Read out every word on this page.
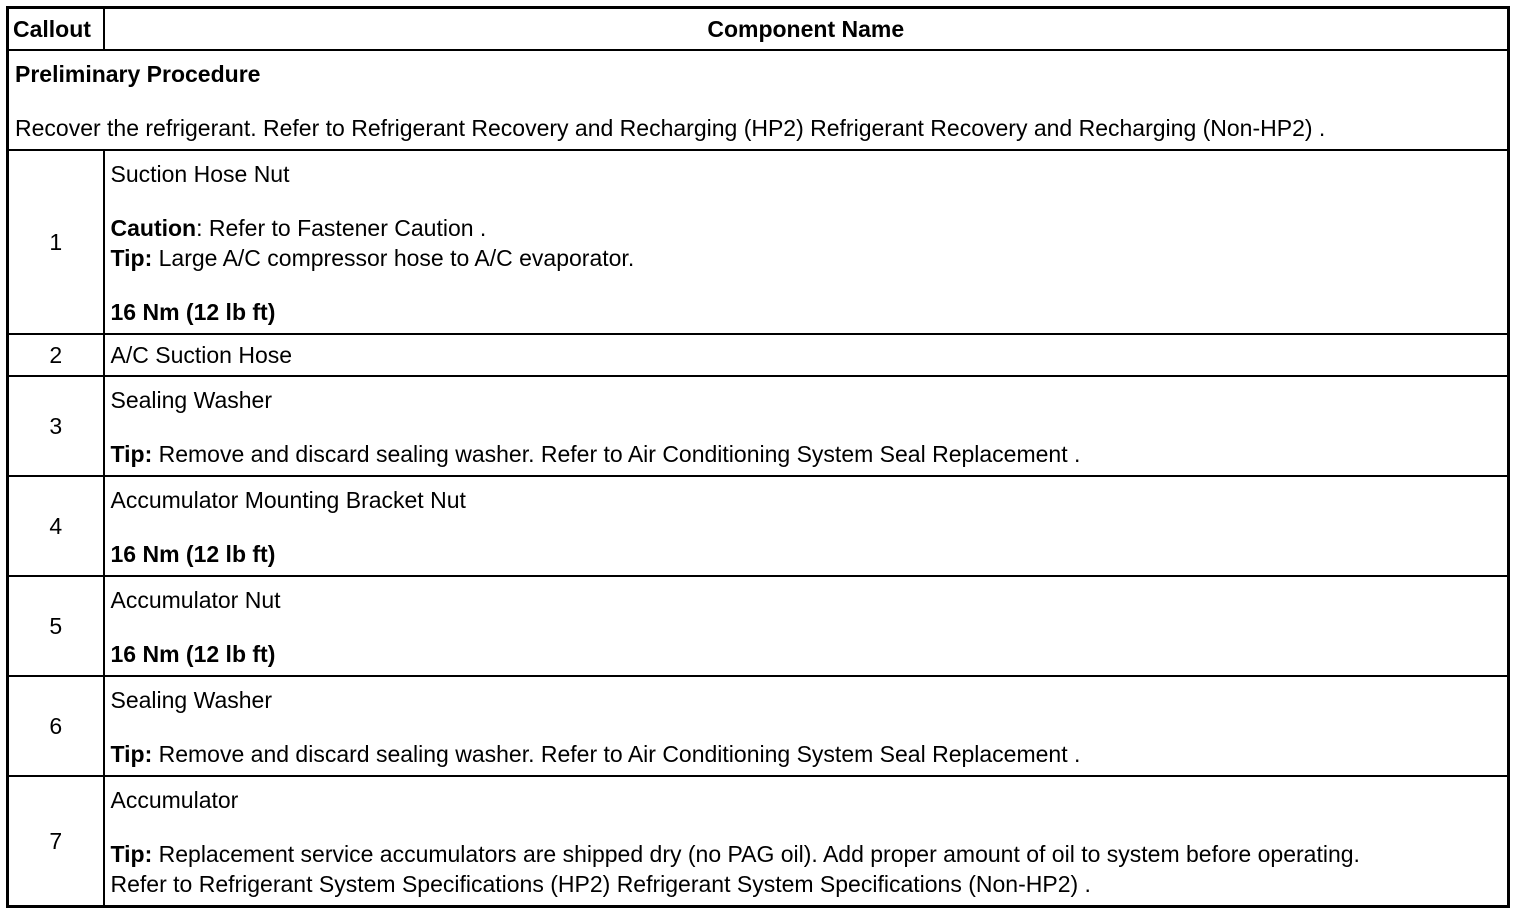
Callout	Component Name

Preliminary Procedure
Recover the refrigerant. Refer to Refrigerant Recovery and Recharging (HP2) Refrigerant Recovery and Recharging (Non-HP2) .	

1	Suction Hose Nut
Caution: Refer to Fastener Caution .
Tip: Large A/C compressor hose to A/C evaporator.
16 Nm (12 lb ft)

2	A/C Suction Hose

3	Sealing Washer
Tip: Remove and discard sealing washer. Refer to Air Conditioning System Seal Replacement .

4	Accumulator Mounting Bracket Nut
16 Nm (12 lb ft)

5	Accumulator Nut
16 Nm (12 lb ft)

6	Sealing Washer
Tip: Remove and discard sealing washer. Refer to Air Conditioning System Seal Replacement .

7	Accumulator
Tip: Replacement service accumulators are shipped dry (no PAG oil). Add proper amount of oil to system before operating.
Refer to Refrigerant System Specifications (HP2) Refrigerant System Specifications (Non-HP2) .
